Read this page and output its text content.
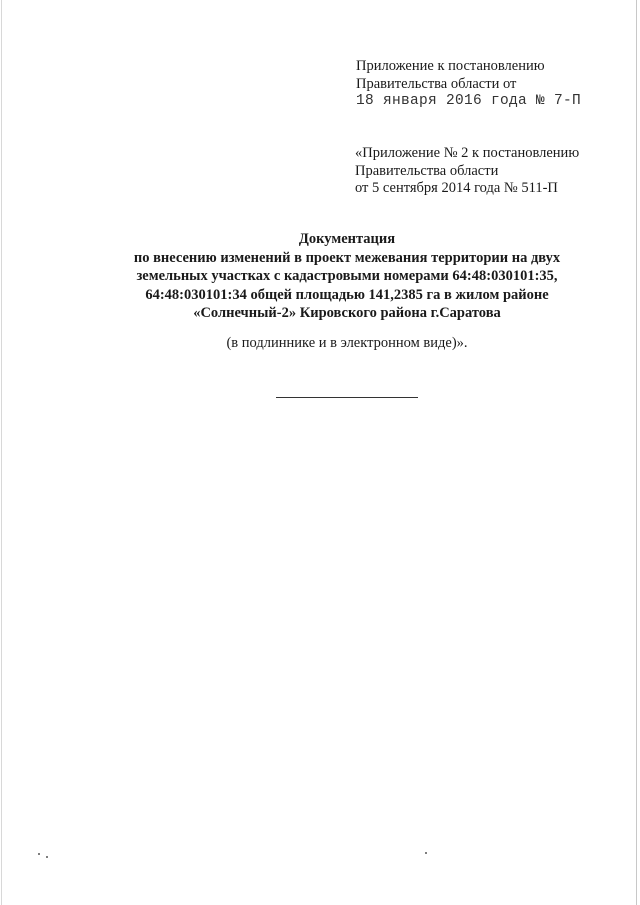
Приложение к постановлению
Правительства области от
18 января 2016 года № 7-П
«Приложение № 2 к постановлению
Правительства области
от 5 сентября 2014 года № 511-П
Документация
по внесению изменений в проект межевания территории на двух
земельных участках с кадастровыми номерами 64:48:030101:35,
64:48:030101:34 общей площадью 141,2385 га в жилом районе
«Солнечный-2» Кировского района г.Саратова
(в подлиннике и в электронном виде)».
